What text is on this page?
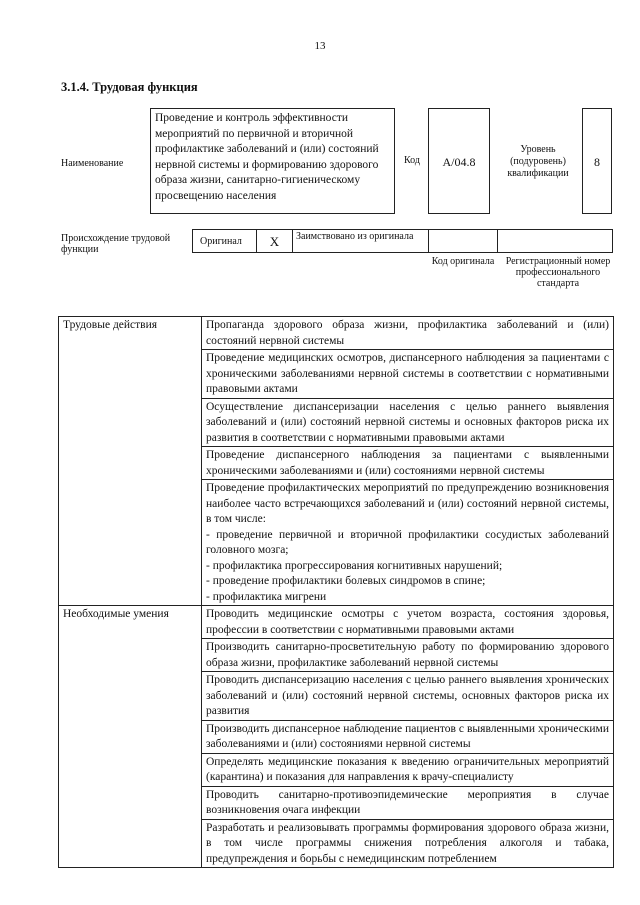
13
3.1.4. Трудовая функция
Наименование
Проведение и контроль эффективности мероприятий по первичной и вторичной профилактике заболеваний и (или) состояний нервной системы и формированию здорового образа жизни, санитарно-гигиеническому просвещению населения
Код	А/04.8
Уровень (подуровень) квалификации
8
Происхождение трудовой функции
Оригинал	X	Заимствовано из оригинала
Код оригинала	Регистрационный номер профессионального стандарта
Трудовые действия	Пропаганда здорового образа жизни, профилактика заболеваний и (или) состояний нервной системы
	Проведение медицинских осмотров, диспансерного наблюдения за пациентами с хроническими заболеваниями нервной системы в соответствии с нормативными правовыми актами
	Осуществление диспансеризации населения с целью раннего выявления заболеваний и (или) состояний нервной системы и основных факторов риска их развития в соответствии с нормативными правовыми актами
	Проведение диспансерного наблюдения за пациентами с выявленными хроническими заболеваниями и (или) состояниями нервной системы
	Проведение профилактических мероприятий по предупреждению возникновения наиболее часто встречающихся заболеваний и (или) состояний нервной системы, в том числе:
- проведение первичной и вторичной профилактики сосудистых заболеваний головного мозга;
- профилактика прогрессирования когнитивных нарушений;
- проведение профилактики болевых синдромов в спине;
- профилактика мигрени
Необходимые умения	Проводить медицинские осмотры с учетом возраста, состояния здоровья, профессии в соответствии с нормативными правовыми актами
	Производить санитарно-просветительную работу по формированию здорового образа жизни, профилактике заболеваний нервной системы
	Проводить диспансеризацию населения с целью раннего выявления хронических заболеваний и (или) состояний нервной системы, основных факторов риска их развития
	Производить диспансерное наблюдение пациентов с выявленными хроническими заболеваниями и (или) состояниями нервной системы
	Определять медицинские показания к введению ограничительных мероприятий (карантина) и показания для направления к врачу-специалисту
	Проводить санитарно-противоэпидемические мероприятия в случае возникновения очага инфекции
	Разработать и реализовывать программы формирования здорового образа жизни, в том числе программы снижения потребления алкоголя и табака, предупреждения и борьбы с немедицинским потреблением
